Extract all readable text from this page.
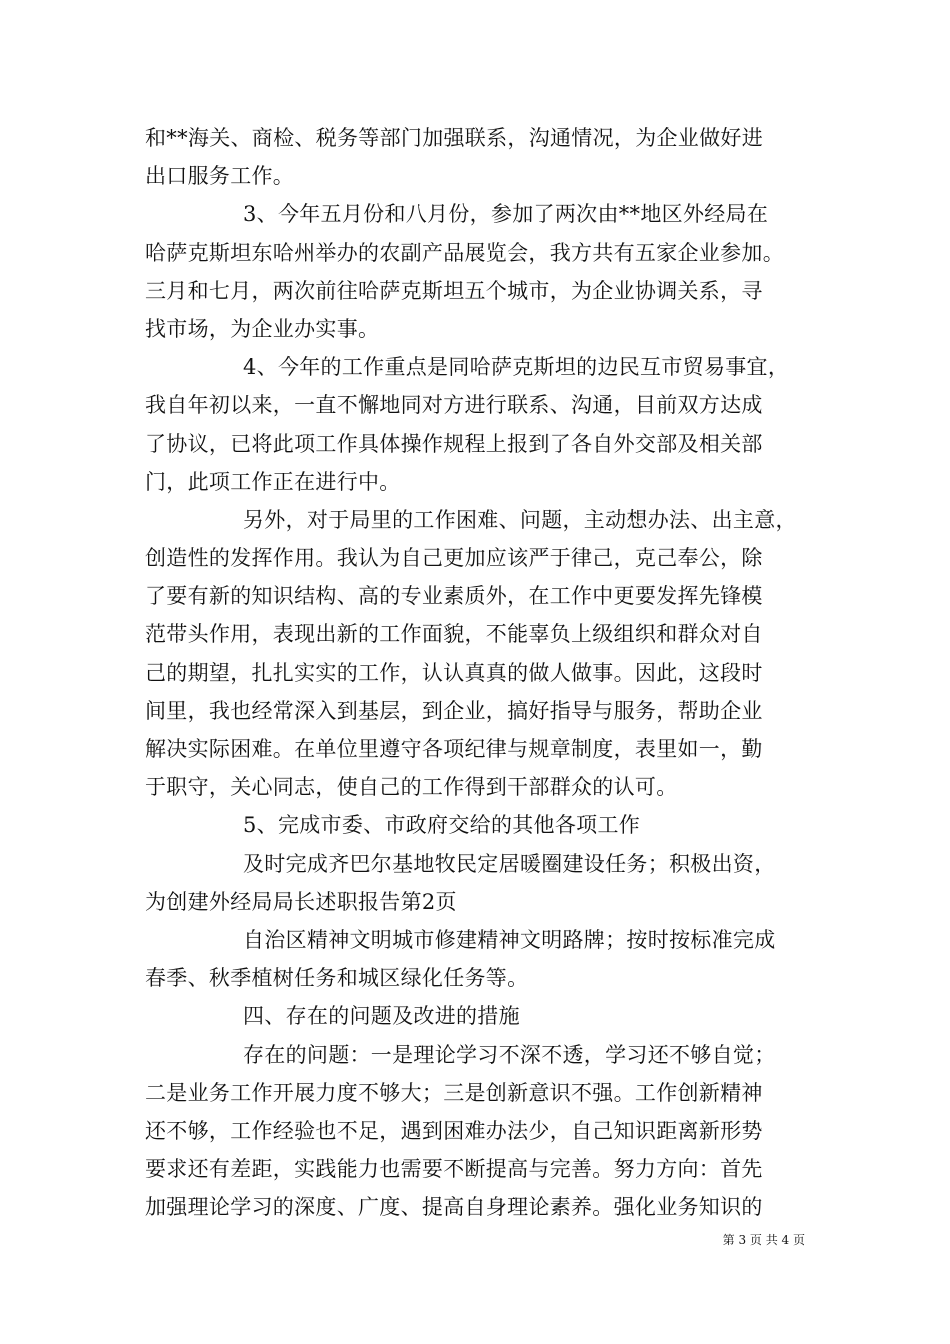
和**海关、商检、税务等部门加强联系，沟通情况，为企业做好进
出口服务工作。
3、今年五月份和八月份，参加了两次由**地区外经局在
哈萨克斯坦东哈州举办的农副产品展览会，我方共有五家企业参加。
三月和七月，两次前往哈萨克斯坦五个城市，为企业协调关系，寻
找市场，为企业办实事。
4、今年的工作重点是同哈萨克斯坦的边民互市贸易事宜，
我自年初以来，一直不懈地同对方进行联系、沟通，目前双方达成
了协议，已将此项工作具体操作规程上报到了各自外交部及相关部
门，此项工作正在进行中。
另外，对于局里的工作困难、问题，主动想办法、出主意，
创造性的发挥作用。我认为自己更加应该严于律己，克己奉公，除
了要有新的知识结构、高的专业素质外，在工作中更要发挥先锋模
范带头作用，表现出新的工作面貌，不能辜负上级组织和群众对自
己的期望，扎扎实实的工作，认认真真的做人做事。因此，这段时
间里，我也经常深入到基层，到企业，搞好指导与服务，帮助企业
解决实际困难。在单位里遵守各项纪律与规章制度，表里如一，勤
于职守，关心同志，使自己的工作得到干部群众的认可。
5、完成市委、市政府交给的其他各项工作
及时完成齐巴尔基地牧民定居暖圈建设任务；积极出资，
为创建外经局局长述职报告第2页
自治区精神文明城市修建精神文明路牌；按时按标准完成
春季、秋季植树任务和城区绿化任务等。
四、存在的问题及改进的措施
存在的问题：一是理论学习不深不透，学习还不够自觉；
二是业务工作开展力度不够大；三是创新意识不强。工作创新精神
还不够，工作经验也不足，遇到困难办法少，自己知识距离新形势
要求还有差距，实践能力也需要不断提高与完善。努力方向：首先
加强理论学习的深度、广度、提高自身理论素养。强化业务知识的
第 3 页 共 4 页
